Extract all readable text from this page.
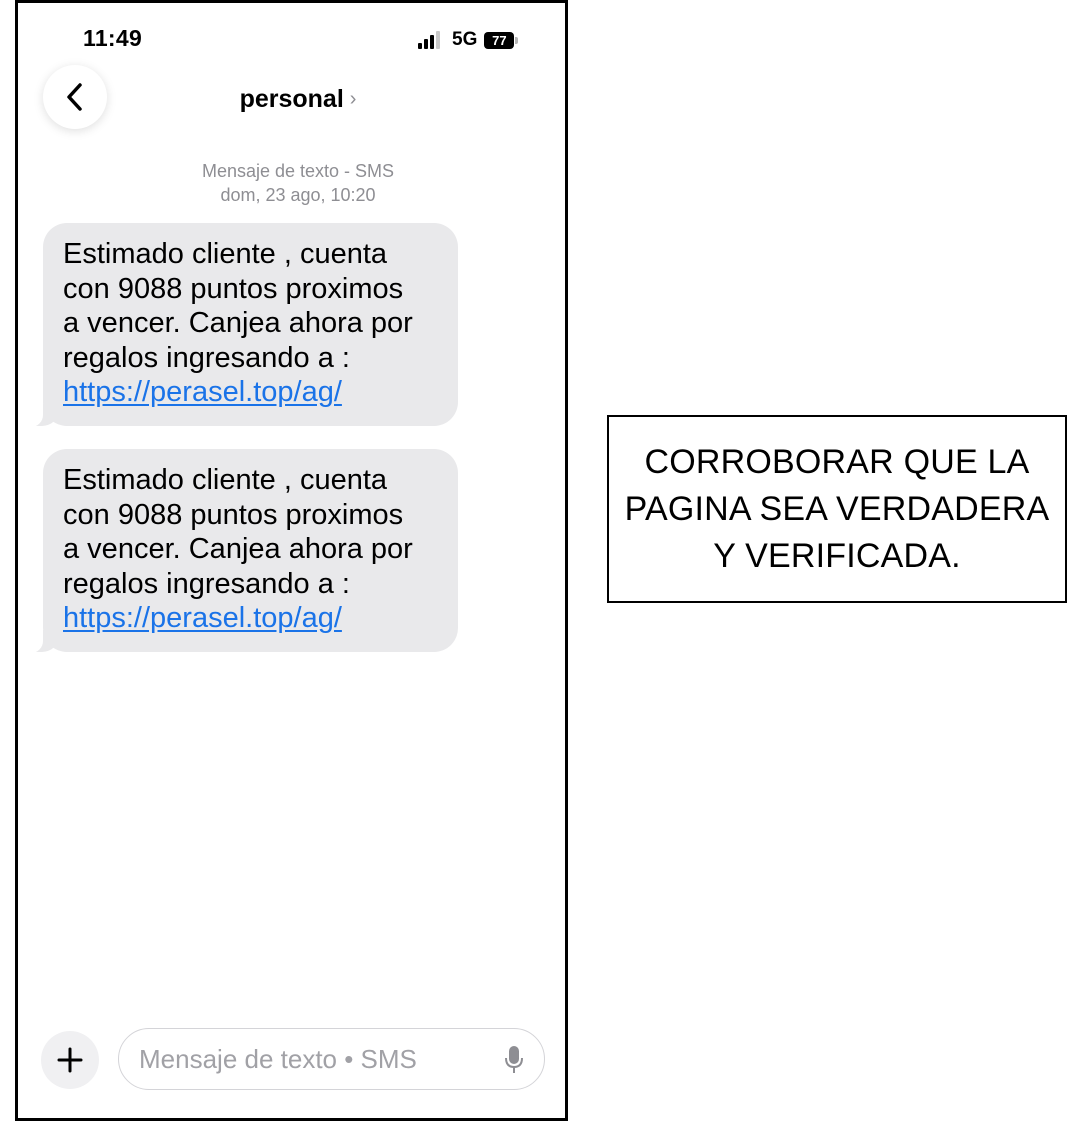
11:49	5G	77
personal ›
Mensaje de texto - SMS
dom, 23 ago, 10:20
Estimado cliente , cuenta
con 9088 puntos proximos
a vencer. Canjea ahora por
regalos ingresando a :
https://perasel.top/ag/
Estimado cliente , cuenta
con 9088 puntos proximos
a vencer. Canjea ahora por
regalos ingresando a :
https://perasel.top/ag/
Mensaje de texto • SMS
CORROBORAR QUE LA
PAGINA SEA VERDADERA
Y VERIFICADA.
